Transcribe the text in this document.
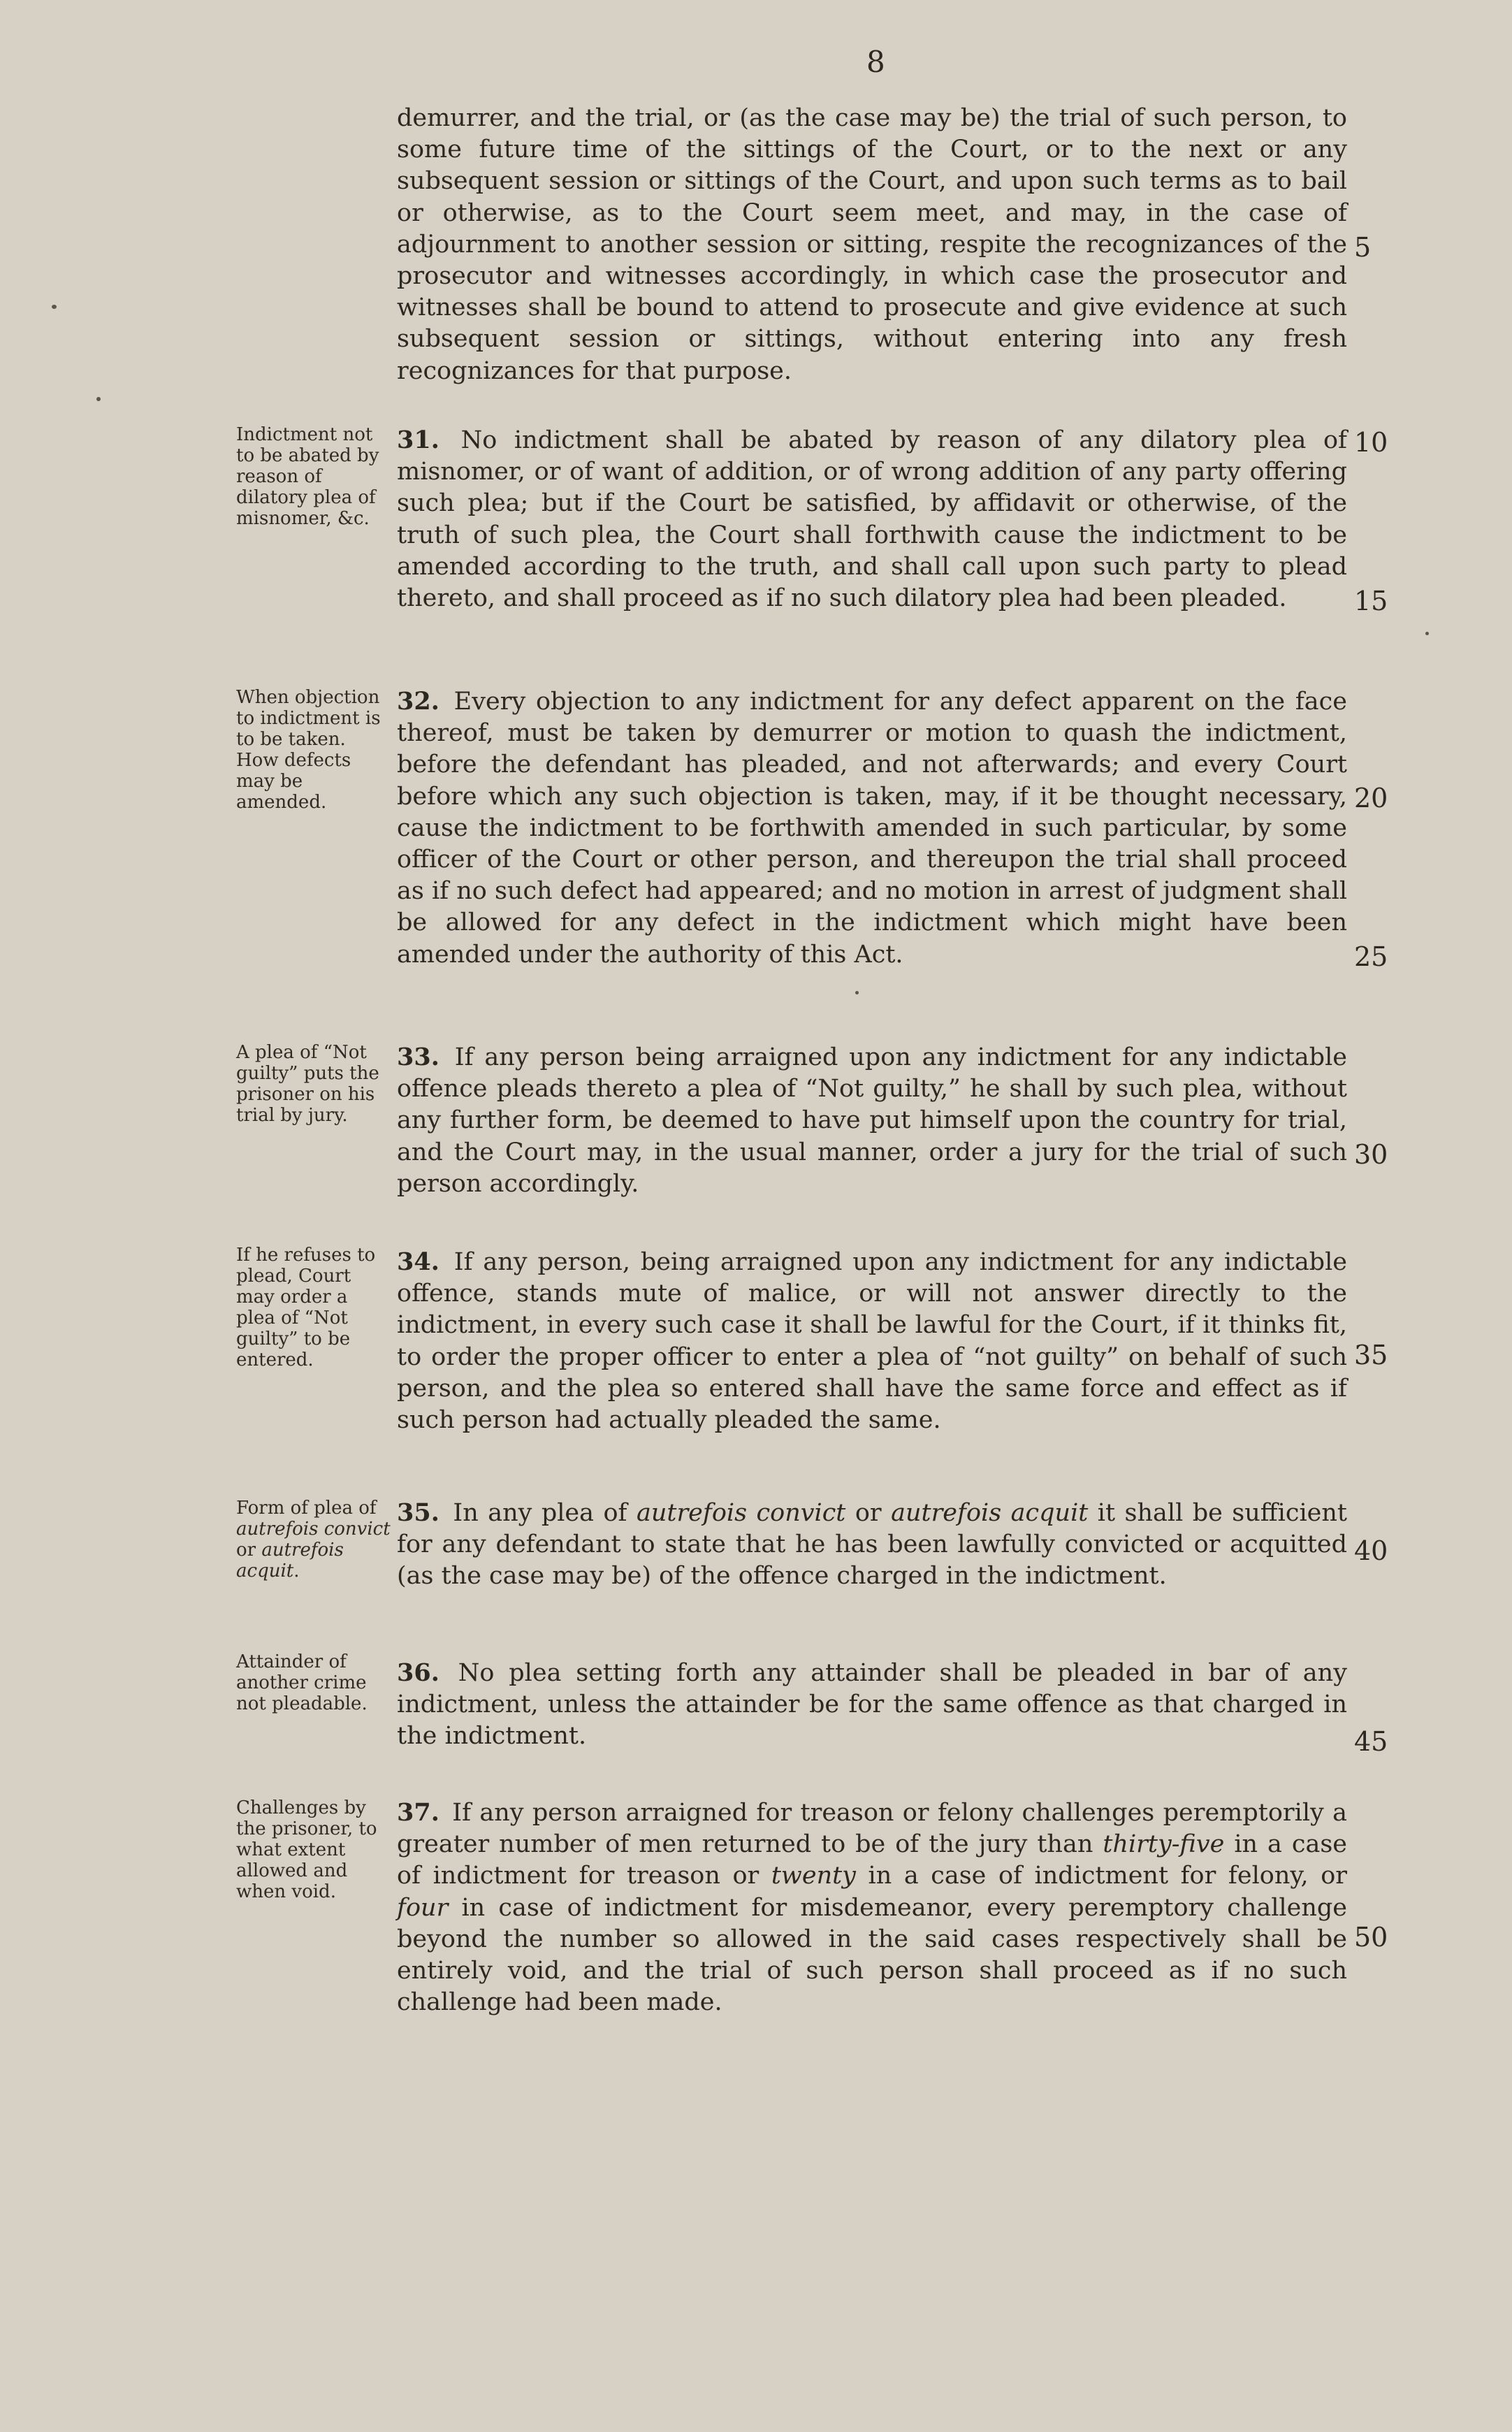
8

demurrer, and the trial, or (as the case may be) the trial of such person, to some future time of the sittings of the Court, or to the next or any subsequent session or sittings of the Court, and upon such terms as to bail or otherwise, as to the Court seem meet, and may, in the case of adjournment to another session or sitting, respite the recognizances of the prosecutor and witnesses accordingly, in which case the prosecutor and witnesses shall be bound to attend to prosecute and give evidence at such subsequent session or sittings, without entering into any fresh recognizances for that purpose.

Indictment not to be abated by reason of dilatory plea of misnomer, &c.

31. No indictment shall be abated by reason of any dilatory plea of misnomer, or of want of addition, or of wrong addition of any party offering such plea; but if the Court be satisfied, by affidavit or otherwise, of the truth of such plea, the Court shall forthwith cause the indictment to be amended according to the truth, and shall call upon such party to plead thereto, and shall proceed as if no such dilatory plea had been pleaded.

When objection to indictment is to be taken. How defects may be amended.

32. Every objection to any indictment for any defect apparent on the face thereof, must be taken by demurrer or motion to quash the indictment, before the defendant has pleaded, and not afterwards; and every Court before which any such objection is taken, may, if it be thought necessary, cause the indictment to be forthwith amended in such particular, by some officer of the Court or other person, and thereupon the trial shall proceed as if no such defect had appeared; and no motion in arrest of judgment shall be allowed for any defect in the indictment which might have been amended under the authority of this Act.

A plea of “Not guilty” puts the prisoner on his trial by jury.

33. If any person being arraigned upon any indictment for any indictable offence pleads thereto a plea of “Not guilty,” he shall by such plea, without any further form, be deemed to have put himself upon the country for trial, and the Court may, in the usual manner, order a jury for the trial of such person accordingly.

If he refuses to plead, Court may order a plea of “Not guilty” to be entered.

34. If any person, being arraigned upon any indictment for any indictable offence, stands mute of malice, or will not answer directly to the indictment, in every such case it shall be lawful for the Court, if it thinks fit, to order the proper officer to enter a plea of “not guilty” on behalf of such person, and the plea so entered shall have the same force and effect as if such person had actually pleaded the same.

Form of plea of autrefois convict or autrefois acquit.

35. In any plea of autrefois convict or autrefois acquit it shall be sufficient for any defendant to state that he has been lawfully convicted or acquitted (as the case may be) of the offence charged in the indictment.

Attainder of another crime not pleadable.

36. No plea setting forth any attainder shall be pleaded in bar of any indictment, unless the attainder be for the same offence as that charged in the indictment.

Challenges by the prisoner, to what extent allowed and when void.

37. If any person arraigned for treason or felony challenges peremptorily a greater number of men returned to be of the jury than thirty-five in a case of indictment for treason or twenty in a case of indictment for felony, or four in case of indictment for misdemeanor, every peremptory challenge beyond the number so allowed in the said cases respectively shall be entirely void, and the trial of such person shall proceed as if no such challenge had been made.

5
10
15
20
25
30
35
40
45
50
